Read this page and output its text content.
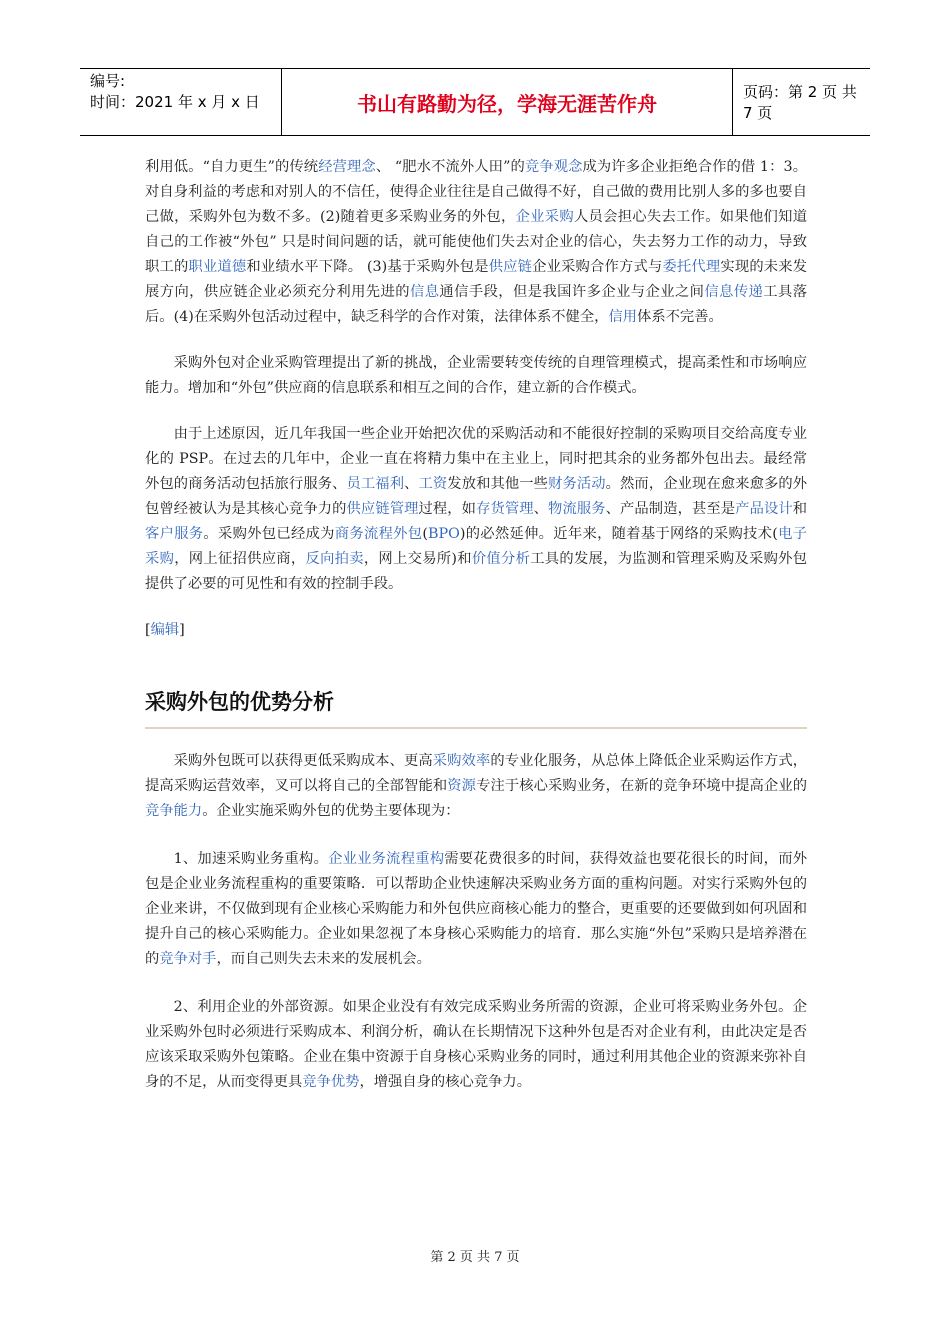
编号:
时间：2021 年 x 月 x 日	书山有路勤为径，学海无涯苦作舟	页码：第 2 页 共 7 页

利用低。“自力更生”的传统经营理念、 “肥水不流外人田”的竞争观念成为许多企业拒绝合作的借 1：3。对自身利益的考虑和对别人的不信任，使得企业往往是自己做得不好，自己做的费用比别人多的多也要自己做，采购外包为数不多。(2)随着更多采购业务的外包，企业采购人员会担心失去工作。如果他们知道自己的工作被“外包” 只是时间问题的话，就可能使他们失去对企业的信心，失去努力工作的动力，导致职工的职业道德和业绩水平下降。 (3)基于采购外包是供应链企业采购合作方式与委托代理实现的未来发展方向，供应链企业必须充分利用先进的信息通信手段，但是我国许多企业与企业之间信息传递工具落后。(4)在采购外包活动过程中，缺乏科学的合作对策，法律体系不健全，信用体系不完善。

采购外包对企业采购管理提出了新的挑战，企业需要转变传统的自理管理模式，提高柔性和市场响应能力。增加和“外包”供应商的信息联系和相互之间的合作，建立新的合作模式。

由于上述原因，近几年我国一些企业开始把次优的采购活动和不能很好控制的采购项目交给高度专业化的 PSP。在过去的几年中，企业一直在将精力集中在主业上，同时把其余的业务都外包出去。最经常外包的商务活动包括旅行服务、员工福利、工资发放和其他一些财务活动。然而，企业现在愈来愈多的外包曾经被认为是其核心竞争力的供应链管理过程，如存货管理、物流服务、产品制造，甚至是产品设计和客户服务。采购外包已经成为商务流程外包(BPO)的必然延伸。近年来，随着基于网络的采购技术(电子采购，网上征招供应商，反向拍卖，网上交易所)和价值分析工具的发展，为监测和管理采购及采购外包提供了必要的可见性和有效的控制手段。

[编辑]

采购外包的优势分析

采购外包既可以获得更低采购成本、更高采购效率的专业化服务，从总体上降低企业采购运作方式，提高采购运营效率，叉可以将自己的全部智能和资源专注于核心采购业务，在新的竞争环境中提高企业的竞争能力。企业实施采购外包的优势主要体现为：

1、加速采购业务重构。企业业务流程重构需要花费很多的时间，获得效益也要花很长的时间，而外包是企业业务流程重构的重要策略．可以帮助企业快速解决采购业务方面的重构问题。对实行采购外包的企业来讲，不仅做到现有企业核心采购能力和外包供应商核心能力的整合，更重要的还要做到如何巩固和提升自己的核心采购能力。企业如果忽视了本身核心采购能力的培育．那么实施“外包”采购只是培养潜在的竞争对手，而自己则失去未来的发展机会。

2、利用企业的外部资源。如果企业没有有效完成采购业务所需的资源，企业可将采购业务外包。企业采购外包时必须进行采购成本、利润分析，确认在长期情况下这种外包是否对企业有利，由此决定是否应该采取采购外包策略。企业在集中资源于自身核心采购业务的同时，通过利用其他企业的资源来弥补自身的不足，从而变得更具竞争优势，增强自身的核心竞争力。

第 2 页 共 7 页
